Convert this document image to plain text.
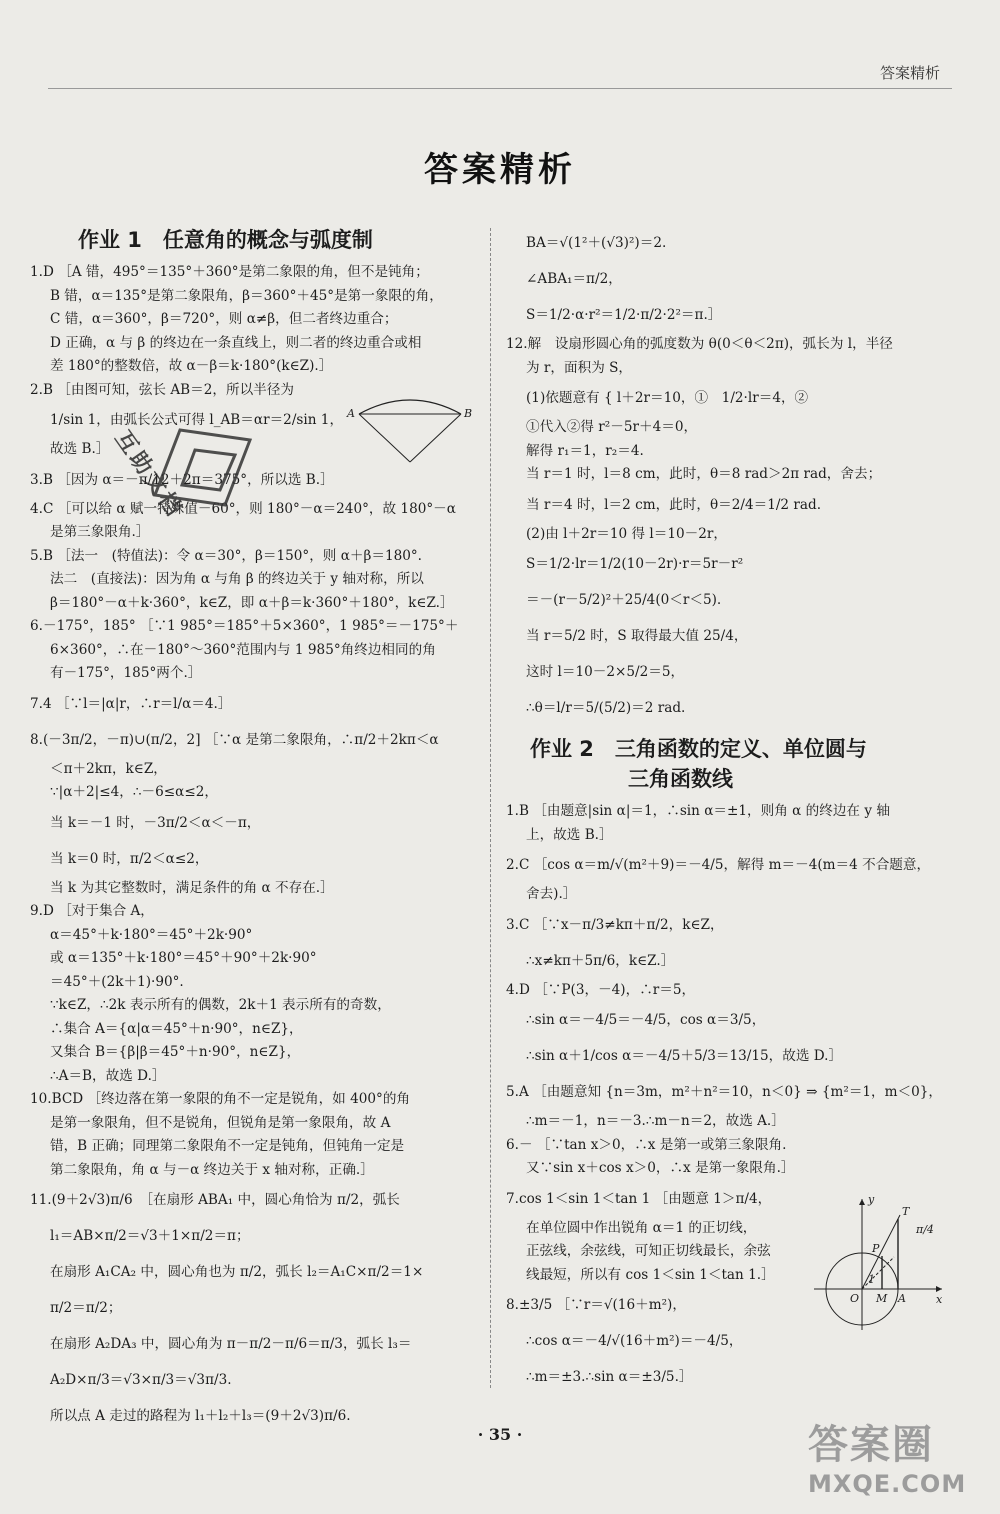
答案精析
答案精析
作业 1　任意角的概念与弧度制
1.D ［A 错，495°＝135°＋360°是第二象限的角，但不是钝角；
B 错，α＝135°是第二象限角，β＝360°＋45°是第一象限的角，
C 错，α＝360°，β＝720°，则 α≠β，但二者终边重合；
D 正确，α 与 β 的终边在一条直线上，则二者的终边重合或相
差 180°的整数倍，故 α－β＝k·180°(k∈Z).］
2.B ［由图可知，弦长 AB＝2，所以半径为
1/sin 1，由弧长公式可得 l_AB＝αr＝2/sin 1，
故选 B.］
3.B ［因为 α＝－π/12＋2π＝375°，所以选 B.］
4.C ［可以给 α 赋一特殊值－60°，则 180°－α＝240°，故 180°－α
是第三象限角.］
5.B ［法一　(特值法)：令 α＝30°，β＝150°，则 α＋β＝180°.
法二　(直接法)：因为角 α 与角 β 的终边关于 y 轴对称，所以
β＝180°－α＋k·360°，k∈Z，即 α＋β＝k·360°＋180°，k∈Z.］
6.－175°，185° ［∵1 985°＝185°＋5×360°，1 985°＝－175°＋
6×360°，∴在－180°～360°范围内与 1 985°角终边相同的角
有－175°，185°两个.］
7.4 ［∵l＝|α|r，∴r＝l/α＝4.］
8.(－3π/2，－π)∪(π/2，2] ［∵α 是第二象限角，∴π/2＋2kπ＜α
＜π＋2kπ，k∈Z，
∵|α＋2|≤4，∴－6≤α≤2，
当 k＝－1 时，－3π/2＜α＜－π，
当 k＝0 时，π/2＜α≤2，
当 k 为其它整数时，满足条件的角 α 不存在.］
9.D ［对于集合 A，
α＝45°＋k·180°＝45°＋2k·90°
或 α＝135°＋k·180°＝45°＋90°＋2k·90°
＝45°＋(2k＋1)·90°.
∵k∈Z，∴2k 表示所有的偶数，2k＋1 表示所有的奇数，
∴集合 A＝{α|α＝45°＋n·90°，n∈Z}，
又集合 B＝{β|β＝45°＋n·90°，n∈Z}，
∴A＝B，故选 D.］
10.BCD ［终边落在第一象限的角不一定是锐角，如 400°的角
是第一象限角，但不是锐角，但锐角是第一象限角，故 A
错，B 正确；同理第二象限角不一定是钝角，但钝角一定是
第二象限角，角 α 与－α 终边关于 x 轴对称，正确.］
11.(9＋2√3)π/6　［在扇形 ABA₁ 中，圆心角恰为 π/2，弧长
l₁＝AB×π/2＝√3＋1×π/2＝π；
在扇形 A₁CA₂ 中，圆心角也为 π/2，弧长 l₂＝A₁C×π/2＝1×
π/2＝π/2；
在扇形 A₂DA₃ 中，圆心角为 π－π/2－π/6＝π/3，弧长 l₃＝
A₂D×π/3＝√3×π/3＝√3π/3.
所以点 A 走过的路程为 l₁＋l₂＋l₃＝(9＋2√3)π/6.
BA＝√(1²＋(√3)²)＝2.
∠ABA₁＝π/2，
S＝1/2·α·r²＝1/2·π/2·2²＝π.］
12.解　设扇形圆心角的弧度数为 θ(0＜θ＜2π)，弧长为 l，半径
为 r，面积为 S，
(1)依题意有 { l＋2r＝10，①　1/2·lr＝4，②
①代入②得 r²－5r＋4＝0，
解得 r₁＝1，r₂＝4.
当 r＝1 时，l＝8 cm，此时，θ＝8 rad＞2π rad，舍去；
当 r＝4 时，l＝2 cm，此时，θ＝2/4＝1/2 rad.
(2)由 l＋2r＝10 得 l＝10－2r，
S＝1/2·lr＝1/2(10－2r)·r＝5r－r²
＝－(r－5/2)²＋25/4(0＜r＜5).
当 r＝5/2 时，S 取得最大值 25/4，
这时 l＝10－2×5/2＝5，
∴θ＝l/r＝5/(5/2)＝2 rad.
作业 2　三角函数的定义、单位圆与
三角函数线
1.B ［由题意|sin α|＝1，∴sin α＝±1，则角 α 的终边在 y 轴
上，故选 B.］
2.C ［cos α＝m/√(m²＋9)＝－4/5，解得 m＝－4(m＝4 不合题意，
舍去).］
3.C ［∵x－π/3≠kπ＋π/2，k∈Z，
∴x≠kπ＋5π/6，k∈Z.］
4.D ［∵P(3，－4)，∴r＝5，
∴sin α＝－4/5＝－4/5，cos α＝3/5，
∴sin α＋1/cos α＝－4/5＋5/3＝13/15，故选 D.］
5.A ［由题意知 {n＝3m，m²＋n²＝10，n＜0} ⇒ {m²＝1，m＜0}，
∴m＝－1，n＝－3.∴m－n＝2，故选 A.］
6.－ ［∵tan x＞0，∴x 是第一或第三象限角.
又∵sin x＋cos x＞0，∴x 是第一象限角.］
7.cos 1＜sin 1＜tan 1 ［由题意 1＞π/4，
在单位圆中作出锐角 α＝1 的正切线，
正弦线，余弦线，可知正切线最长，余弦
线最短，所以有 cos 1＜sin 1＜tan 1.］
8.±3/5 ［∵r＝√(16＋m²)，
∴cos α＝－4/√(16＋m²)＝－4/5，
∴m＝±3.∴sin α＝±3/5.］
A	B
y
T
P
O M A	x
1
π/4
互助文档
· 35 ·	答案圈
MXQE.COM
